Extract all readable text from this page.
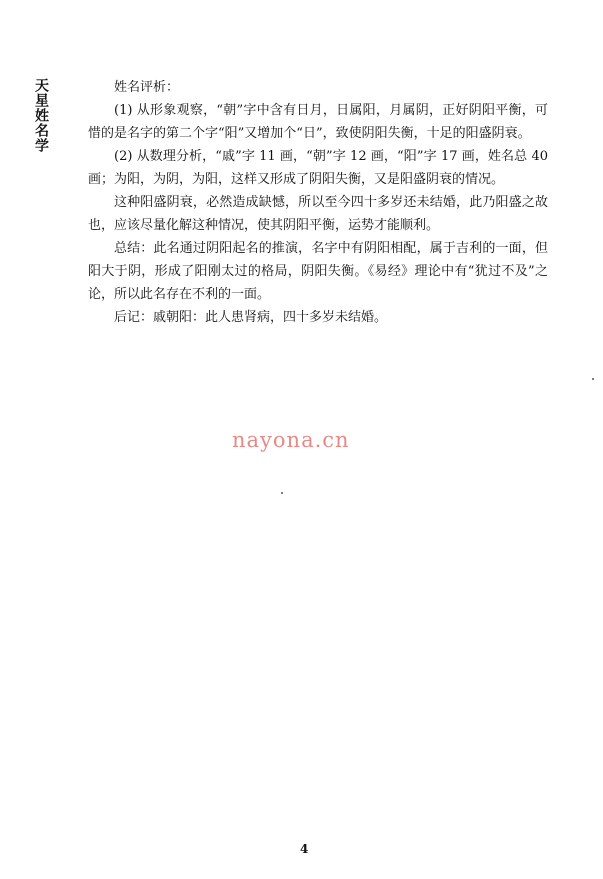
天星姓名学	姓名评析：

(1) 从形象观察，“朝”字中含有日月，日属阳，月属阴，正好阴阳平衡，可惜的是名字的第二个字“阳”又增加个“日”，致使阴阳失衡，十足的阳盛阴衰。

(2) 从数理分析，“戚”字 11 画，“朝”字 12 画，“阳”字 17 画，姓名总 40 画；为阳，为阴，为阳，这样又形成了阴阳失衡，又是阳盛阴衰的情况。

这种阳盛阴衰，必然造成缺憾，所以至今四十多岁还未结婚，此乃阳盛之故也，应该尽量化解这种情况，使其阴阳平衡，运势才能顺利。

总结：此名通过阴阳起名的推演，名字中有阴阳相配，属于吉利的一面，但阳大于阴，形成了阳刚太过的格局，阴阳失衡。《易经》理论中有“犹过不及”之论，所以此名存在不利的一面。

后记：戚朝阳：此人患肾病，四十多岁未结婚。

nayona.cn
4
